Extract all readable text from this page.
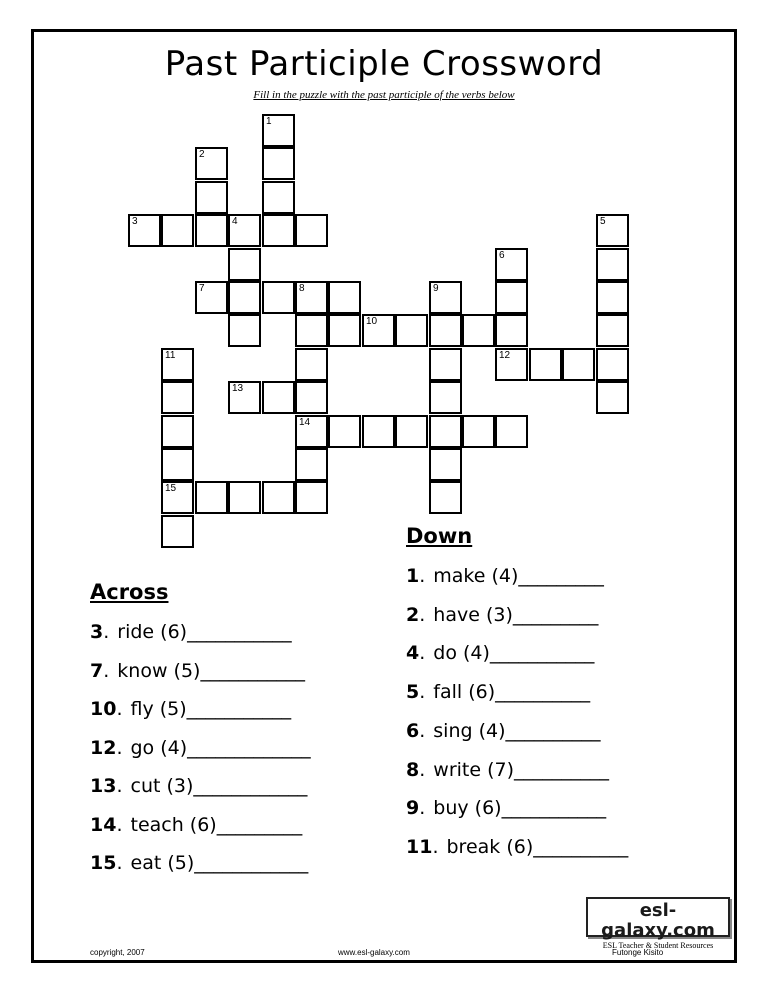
Past Participle Crossword
Fill in the puzzle with the past participle of the verbs below
1
2
3	4	5
6
7	8	9
10
11	12
13
14
15
Across
3. ride (6)___________
7. know (5)___________
10. fly (5)___________
12. go (4)_____________
13. cut (3)____________
14. teach (6)_________
15. eat (5)____________
Down
1. make (4)_________
2. have (3)_________
4. do (4)___________
5. fall (6)__________
6. sing (4)__________
8. write (7)__________
9. buy (6)___________
11. break (6)__________
esl-galaxy.com
ESL Teacher & Student Resources
copyright, 2007	www.esl-galaxy.com	Futonge Kisito
